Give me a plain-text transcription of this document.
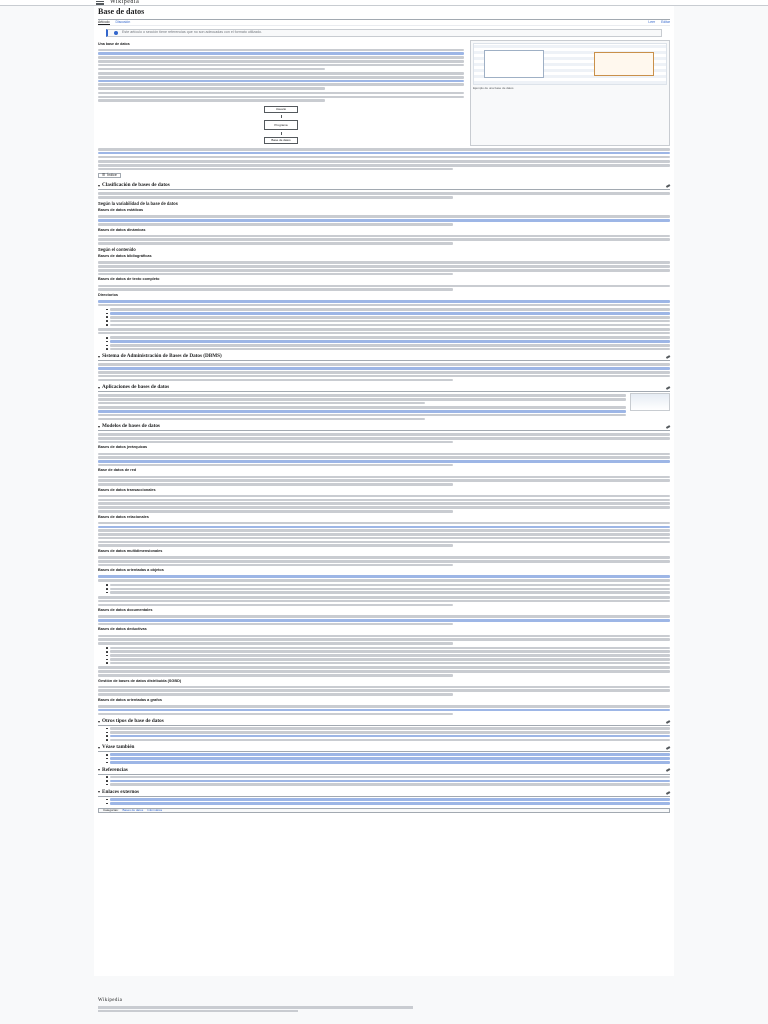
Wikipedia
Base de datos
Artículo Discusión	Leer Editar
Este artículo o sección tiene referencias que no son adecuadas con el formato utilizado.

Una base de datos

Usuario
Programa
Base de datos
Ejemplo de una base de datos
☰ Índice
Clasificación de bases de datos
Según la variabilidad de la base de datos
Bases de datos estáticas
Bases de datos dinámicas
Según el contenido
Bases de datos bibliográficas
Bases de datos de texto completo
Directorios
Sistema de Administración de Bases de Datos (DBMS)
Aplicaciones de bases de datos
Modelos de bases de datos
Bases de datos jerárquicas
Base de datos de red
Bases de datos transaccionales
Bases de datos relacionales
Bases de datos multidimensionales
Bases de datos orientadas a objetos
Bases de datos documentales
Bases de datos deductivas
Gestión de bases de datos distribuida (SGBD)
Bases de datos orientadas a grafos
Otros tipos de base de datos
Véase también
Referencias
Enlaces externos
Categorías: Bases de datos Informática
Wikipedia
